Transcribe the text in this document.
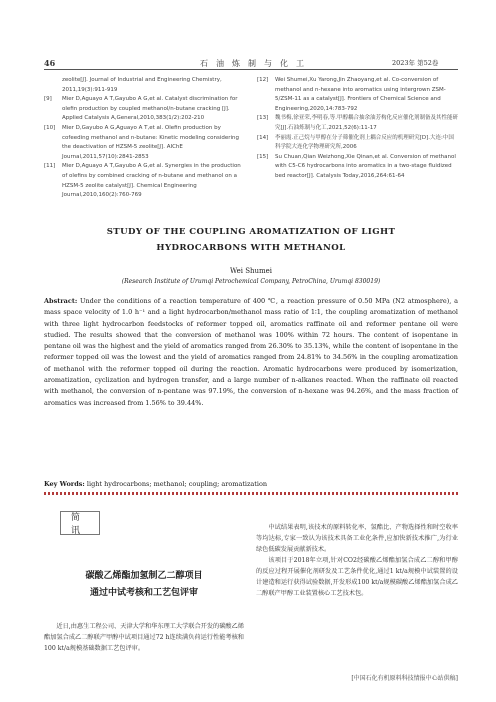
46	石油炼制与化工	2023年 第52卷
zeolite[J]. Journal of Industrial and Engineering Chemistry, 2011,19(3):911-919
[9] Mier D,Aguayo A T,Gayubo A G,et al. Catalyst discrimination for olefin production by coupled methanol/n-butane cracking [J]. Applied Catalysis A,General,2010,383(1/2):202-210
[10] Mier D,Gayubo A G,Aguayo A T,et al. Olefin production by cofeeding methanol and n-butane: Kinetic modeling considering the deactivation of HZSM-5 zeolite[J]. AIChE Journal,2011,57(10):2841-2853
[11] Mier D,Aguayo A T,Gayubo A G,et al. Synergies in the production of olefins by combined cracking of n-butane and methanol on a HZSM-5 zeolite catalyst[J]. Chemical Engineering Journal,2010,160(2):760-769
[12] Wei Shumei,Xu Yarong,Jin Zhaoyang,et al. Co-conversion of methanol and n-hexane into aromatics using intergrown ZSM-5/ZSM-11 as a catalyst[J]. Frontiers of Chemical Science and Engineering,2020,14:783-792
[13] 魏书梅,徐亚荣,李明春,等.甲醇耦合抽余油芳构化反应催化剂制备及其性能研究[J].石油炼制与化工,2021,52(6):11-17
[14] 李丽霞.正己烷与甲醇在分子筛催化剂上耦合反应的机理研究[D].大连:中国科学院大连化学物理研究所,2006
[15] Su Chuan,Qian Weizhong,Xie Qinan,et al. Conversion of methanol with C5-C6 hydrocarbons into aromatics in a two-stage fluidized bed reactor[J]. Catalysis Today,2016,264:61-64
STUDY OF THE COUPLING AROMATIZATION OF LIGHT
HYDROCARBONS WITH METHANOL
Wei Shumei
(Research Institute of Urumqi Petrochemical Company, PetroChina, Urumqi 830019)
Abstract: Under the conditions of a reaction temperature of 400 ℃, a reaction pressure of 0.50 MPa (N2 atmosphere), a mass space velocity of 1.0 h⁻¹ and a light hydrocarbon/methanol mass ratio of 1∶1, the coupling aromatization of methanol with three light hydrocarbon feedstocks of reformer topped oil, aromatics raffinate oil and reformer pentane oil were studied. The results showed that the conversion of methanol was 100% within 72 hours. The content of isopentane in pentane oil was the highest and the yield of aromatics ranged from 26.30% to 35.13%, while the content of isopentane in the reformer topped oil was the lowest and the yield of aromatics ranged from 24.81% to 34.56% in the coupling aromatization of methanol with the reformer topped oil during the reaction. Aromatic hydrocarbons were produced by isomerization, aromatization, cyclization and hydrogen transfer, and a large number of n-alkanes reacted. When the raffinate oil reacted with methanol, the conversion of n-pentane was 97.19%, the conversion of n-hexane was 94.26%, and the mass fraction of aromatics was increased from 1.56% to 39.44%.
Key Words: light hydrocarbons; methanol; coupling; aromatization
简讯
碳酸乙烯酯加氢制乙二醇项目
通过中试考核和工艺包评审
近日,由惠生工程公司、天津大学和华东理工大学联合开发的碳酸乙烯酯加氢合成乙二醇联产甲醇中试项目通过72 h连续满负荷运行性能考核和100 kt/a规模基础数据工艺包评审。
中试结果表明,该技术的原料转化率、氢酯比、产物选择性和时空收率等均达标,专家一致认为该技术具备工业化条件,应加快新技术推广,为行业绿色低碳发展贡献新技术。
该项目于2018年立项,针对CO2经碳酸乙烯酯加氢合成乙二醇和甲醇的反应过程开展催化剂研发及工艺条件优化,通过1 kt/a规模中试装置的设计建造和运行获得试验数据,开发形成100 kt/a规模碳酸乙烯酯加氢合成乙二醇联产甲醇工业装置核心工艺技术包。
[中国石化有机原料科技情报中心站供稿]
